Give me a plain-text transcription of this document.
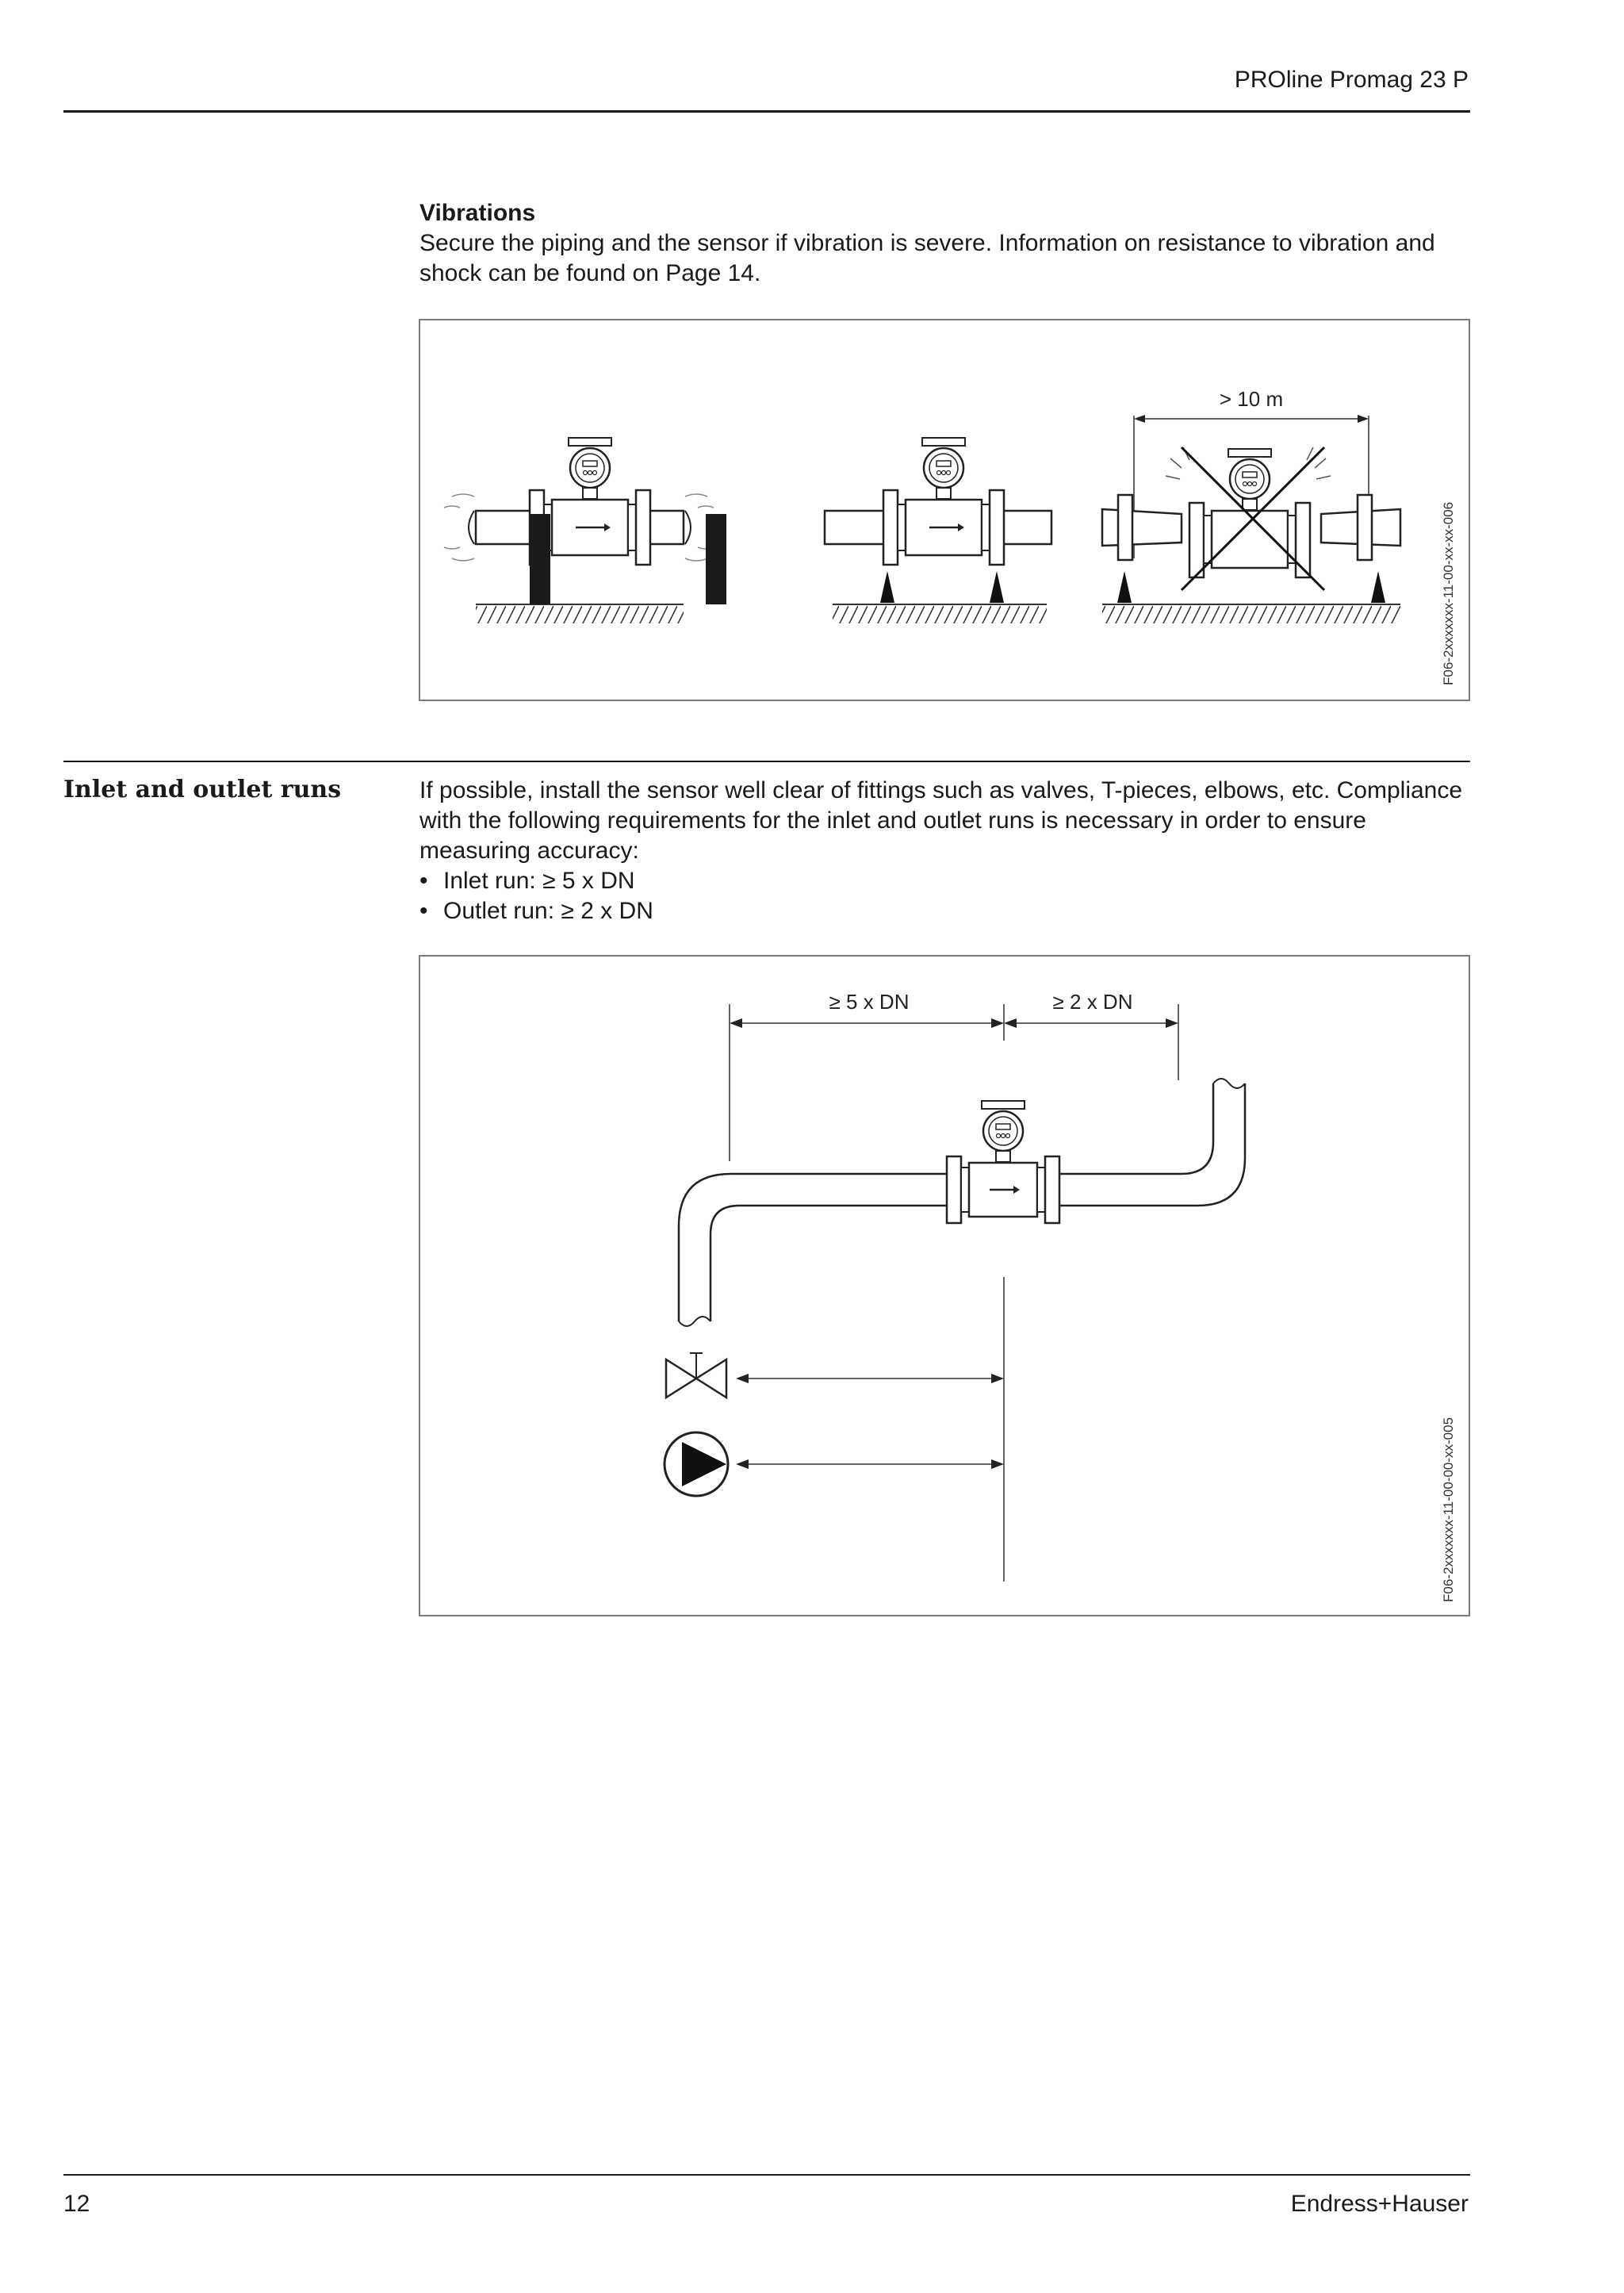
PROline Promag 23 P
Vibrations
Secure the piping and the sensor if vibration is severe. Information on resistance to vibration and shock can be found on Page 14.
> 10 m
F06-2xxxxxxx-11-00-xx-xx-006
Inlet and outlet runs	If possible, install the sensor well clear of fittings such as valves, T-pieces, elbows, etc. Compliance with the following requirements for the inlet and outlet runs is necessary in order to ensure measuring accuracy:

• Inlet run: ≥ 5 x DN
• Outlet run: ≥ 2 x DN
≥ 5 x DN	≥ 2 x DN
F06-2xxxxxxx-11-00-00-xx-005
12	Endress+Hauser
